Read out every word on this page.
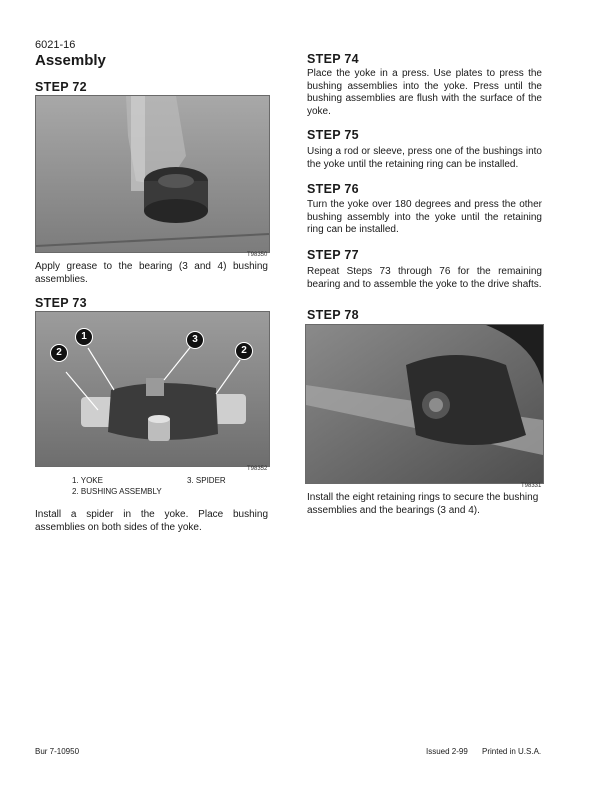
6021-16
Assembly
STEP 72
T98350
Apply grease to the bearing (3 and 4) bushing assemblies.
STEP 73
1
2
3
2
T98352
1. YOKE
2. BUSHING ASSEMBLY
3. SPIDER
Install a spider in the yoke. Place bushing assemblies on both sides of the yoke.
STEP 74
Place the yoke in a press. Use plates to press the bushing assemblies into the yoke. Press until the bushing assemblies are flush with the surface of the yoke.
STEP 75
Using a rod or sleeve, press one of the bushings into the yoke until the retaining ring can be installed.
STEP 76
Turn the yoke over 180 degrees and press the other bushing assembly into the yoke until the retaining ring can be installed.
STEP 77
Repeat Steps 73 through 76 for the remaining bearing and to assemble the yoke to the drive shafts.
STEP 78
T98331
Install the eight retaining rings to secure the bushing assemblies and the bearings (3 and 4).
Bur 7-10950	Issued 2-99 Printed in U.S.A.
